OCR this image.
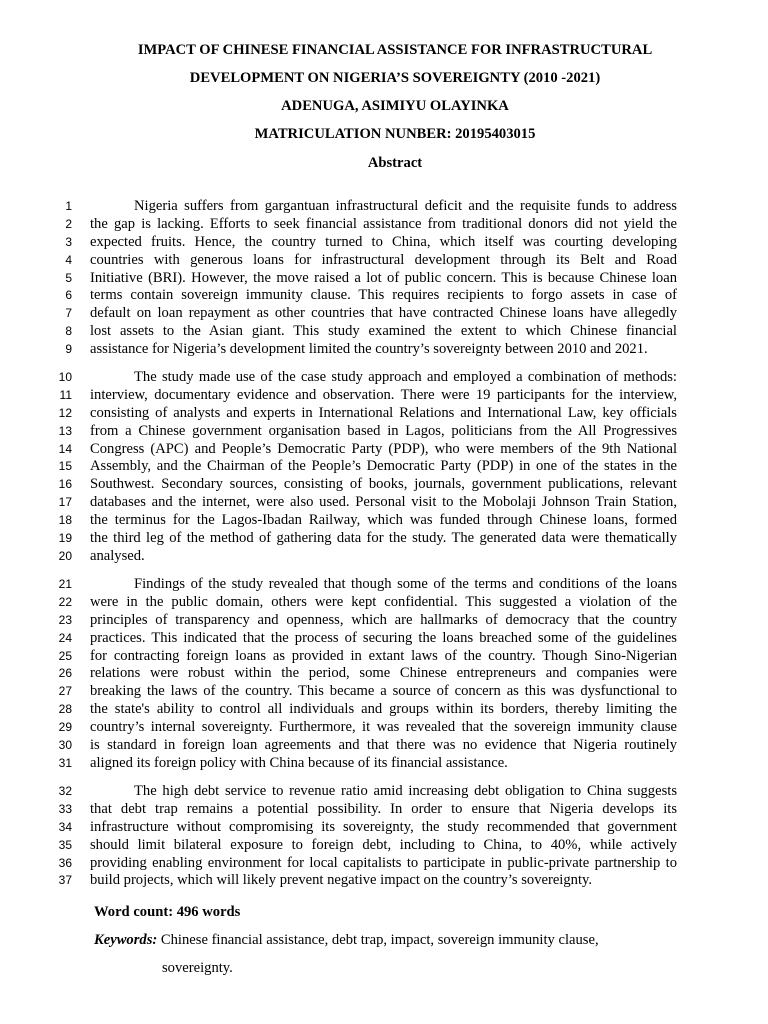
IMPACT OF CHINESE FINANCIAL ASSISTANCE FOR INFRASTRUCTURAL
DEVELOPMENT ON NIGERIA’S SOVEREIGNTY (2010 -2021)
ADENUGA, ASIMIYU OLAYINKA
MATRICULATION NUNBER: 20195403015
Abstract
1	Nigeria suffers from gargantuan infrastructural deficit and the requisite funds to address
2 the gap is lacking. Efforts to seek financial assistance from traditional donors did not yield the
3 expected fruits. Hence, the country turned to China, which itself was courting developing
4 countries with generous loans for infrastructural development through its Belt and Road
5 Initiative (BRI). However, the move raised a lot of public concern. This is because Chinese loan
6 terms contain sovereign immunity clause. This requires recipients to forgo assets in case of
7 default on loan repayment as other countries that have contracted Chinese loans have allegedly
8 lost assets to the Asian giant. This study examined the extent to which Chinese financial
9 assistance for Nigeria’s development limited the country’s sovereignty between 2010 and 2021.
10	The study made use of the case study approach and employed a combination of methods:
11 interview, documentary evidence and observation. There were 19 participants for the interview,
12 consisting of analysts and experts in International Relations and International Law, key officials
13 from a Chinese government organisation based in Lagos, politicians from the All Progressives
14 Congress (APC) and People’s Democratic Party (PDP), who were members of the 9th National
15 Assembly, and the Chairman of the People’s Democratic Party (PDP) in one of the states in the
16 Southwest. Secondary sources, consisting of books, journals, government publications, relevant
17 databases and the internet, were also used. Personal visit to the Mobolaji Johnson Train Station,
18 the terminus for the Lagos-Ibadan Railway, which was funded through Chinese loans, formed
19 the third leg of the method of gathering data for the study. The generated data were thematically
20 analysed.
21	Findings of the study revealed that though some of the terms and conditions of the loans
22 were in the public domain, others were kept confidential. This suggested a violation of the
23 principles of transparency and openness, which are hallmarks of democracy that the country
24 practices. This indicated that the process of securing the loans breached some of the guidelines
25 for contracting foreign loans as provided in extant laws of the country. Though Sino-Nigerian
26 relations were robust within the period, some Chinese entrepreneurs and companies were
27 breaking the laws of the country. This became a source of concern as this was dysfunctional to
28 the state's ability to control all individuals and groups within its borders, thereby limiting the
29 country’s internal sovereignty. Furthermore, it was revealed that the sovereign immunity clause
30 is standard in foreign loan agreements and that there was no evidence that Nigeria routinely
31 aligned its foreign policy with China because of its financial assistance.
32	The high debt service to revenue ratio amid increasing debt obligation to China suggests
33 that debt trap remains a potential possibility. In order to ensure that Nigeria develops its
34 infrastructure without compromising its sovereignty, the study recommended that government
35 should limit bilateral exposure to foreign debt, including to China, to 40%, while actively
36 providing enabling environment for local capitalists to participate in public-private partnership to
37 build projects, which will likely prevent negative impact on the country’s sovereignty.
Word count: 496 words
Keywords: Chinese financial assistance, debt trap, impact, sovereign immunity clause,
sovereignty.
